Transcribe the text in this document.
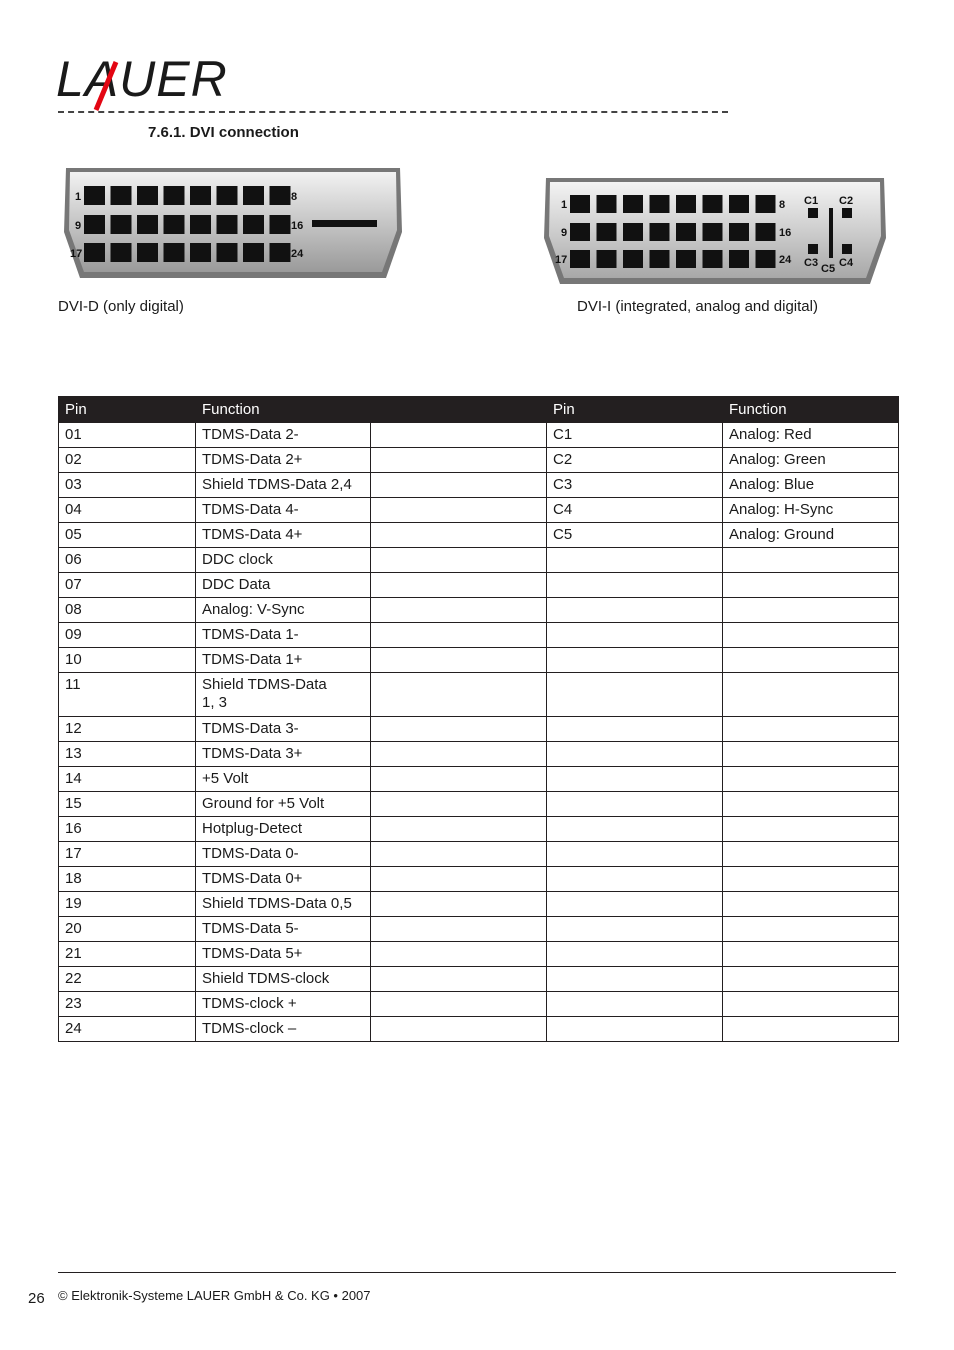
LAUER
7.6.1. DVI connection
1	8
9	16
17	24
1	8
9	16
17	24
C1 C2
C3 C4
C5
DVI-D (only digital)	DVI-I (integrated, analog and digital)
Pin	Function		Pin	Function
01	TDMS-Data 2-		C1	Analog: Red
02	TDMS-Data 2+		C2	Analog: Green
03	Shield TDMS-Data 2,4		C3	Analog: Blue
04	TDMS-Data 4-		C4	Analog: H-Sync
05	TDMS-Data 4+		C5	Analog: Ground
06	DDC clock			
07	DDC Data			
08	Analog: V-Sync			
09	TDMS-Data 1-			
10	TDMS-Data 1+			
11	Shield TDMS-Data
1, 3			
12	TDMS-Data 3-			
13	TDMS-Data 3+			
14	+5 Volt			
15	Ground for +5 Volt			
16	Hotplug-Detect			
17	TDMS-Data 0-			
18	TDMS-Data 0+			
19	Shield TDMS-Data 0,5			
20	TDMS-Data 5-			
21	TDMS-Data 5+			
22	Shield TDMS-clock			
23	TDMS-clock +			
24	TDMS-clock –			
26 © Elektronik-Systeme LAUER GmbH & Co. KG • 2007
